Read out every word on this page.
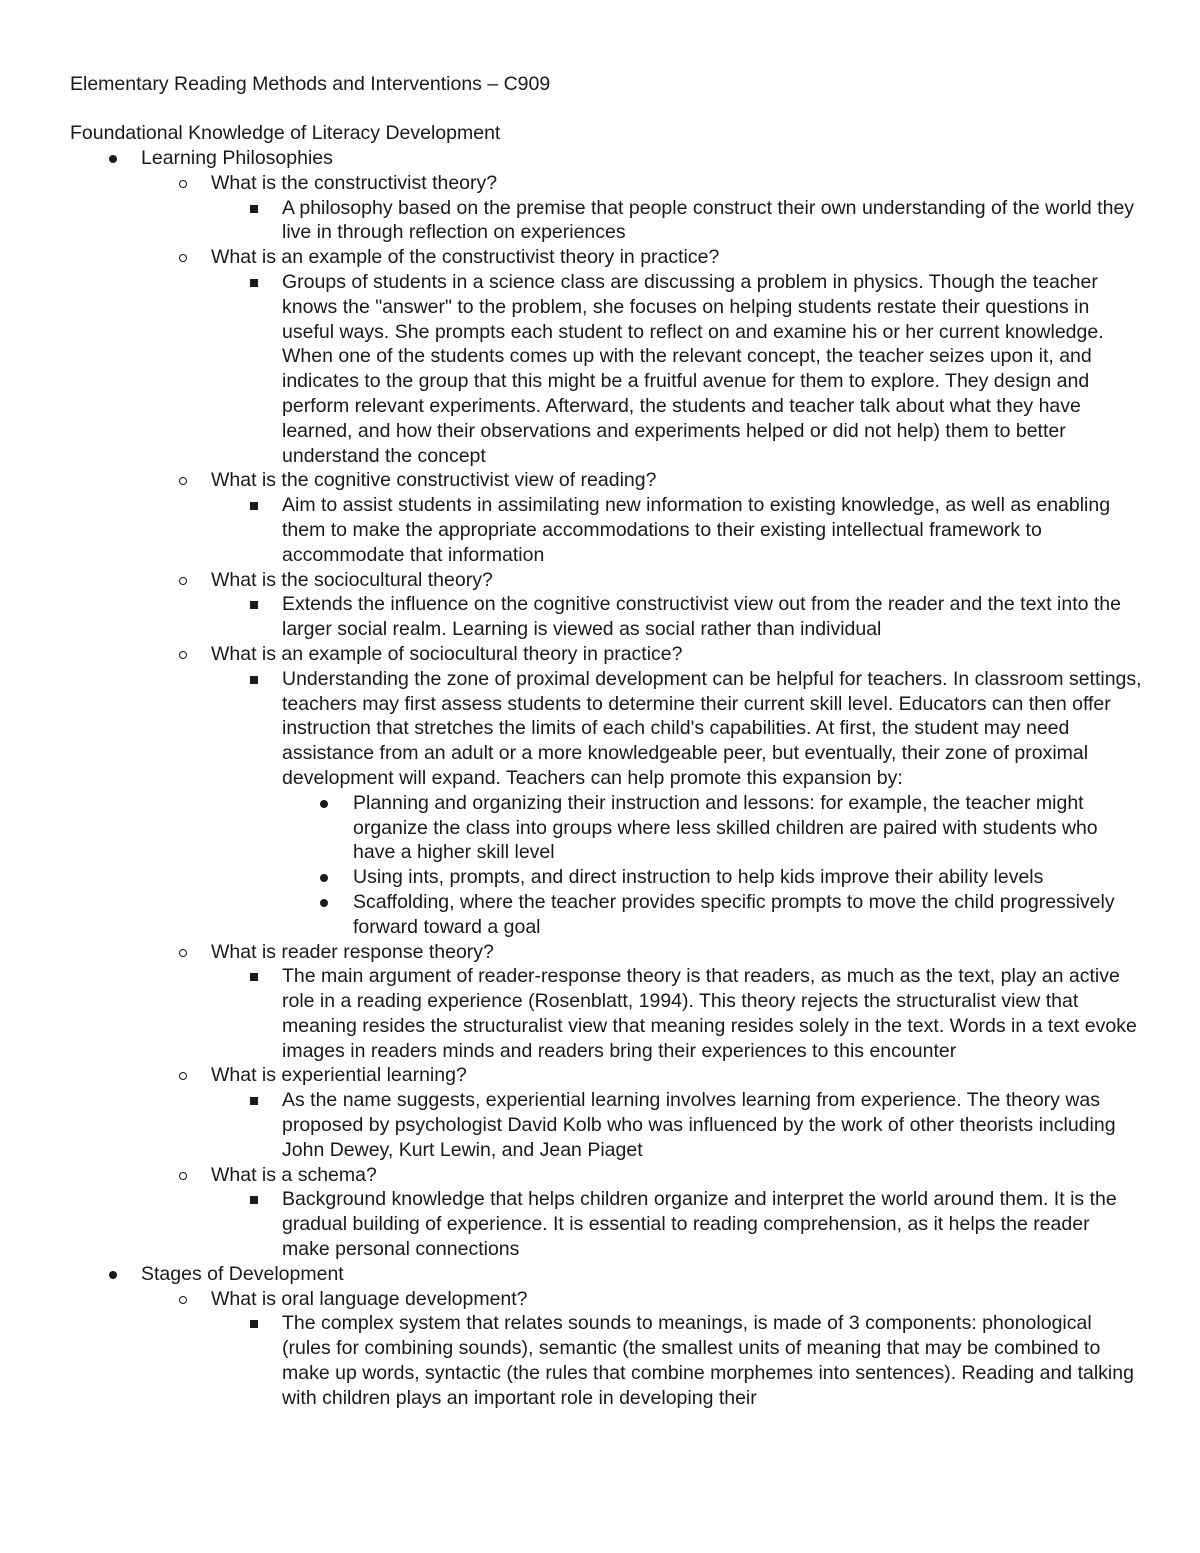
Elementary Reading Methods and Interventions – C909
Foundational Knowledge of Literacy Development
Learning Philosophies
What is the constructivist theory?
A philosophy based on the premise that people construct their own understanding of the world they live in through reflection on experiences
What is an example of the constructivist theory in practice?
Groups of students in a science class are discussing a problem in physics. Though the teacher knows the "answer" to the problem, she focuses on helping students restate their questions in useful ways. She prompts each student to reflect on and examine his or her current knowledge. When one of the students comes up with the relevant concept, the teacher seizes upon it, and indicates to the group that this might be a fruitful avenue for them to explore. They design and perform relevant experiments. Afterward, the students and teacher talk about what they have learned, and how their observations and experiments helped or did not help) them to better understand the concept
What is the cognitive constructivist view of reading?
Aim to assist students in assimilating new information to existing knowledge, as well as enabling them to make the appropriate accommodations to their existing intellectual framework to accommodate that information
What is the sociocultural theory?
Extends the influence on the cognitive constructivist view out from the reader and the text into the larger social realm. Learning is viewed as social rather than individual
What is an example of sociocultural theory in practice?
Understanding the zone of proximal development can be helpful for teachers. In classroom settings, teachers may first assess students to determine their current skill level. Educators can then offer instruction that stretches the limits of each child's capabilities. At first, the student may need assistance from an adult or a more knowledgeable peer, but eventually, their zone of proximal development will expand. Teachers can help promote this expansion by:
Planning and organizing their instruction and lessons: for example, the teacher might organize the class into groups where less skilled children are paired with students who have a higher skill level
Using ints, prompts, and direct instruction to help kids improve their ability levels
Scaffolding, where the teacher provides specific prompts to move the child progressively forward toward a goal
What is reader response theory?
The main argument of reader-response theory is that readers, as much as the text, play an active role in a reading experience (Rosenblatt, 1994). This theory rejects the structuralist view that meaning resides the structuralist view that meaning resides solely in the text. Words in a text evoke images in readers minds and readers bring their experiences to this encounter
What is experiential learning?
As the name suggests, experiential learning involves learning from experience. The theory was proposed by psychologist David Kolb who was influenced by the work of other theorists including John Dewey, Kurt Lewin, and Jean Piaget
What is a schema?
Background knowledge that helps children organize and interpret the world around them. It is the gradual building of experience. It is essential to reading comprehension, as it helps the reader make personal connections
Stages of Development
What is oral language development?
The complex system that relates sounds to meanings, is made of 3 components: phonological (rules for combining sounds), semantic (the smallest units of meaning that may be combined to make up words, syntactic (the rules that combine morphemes into sentences). Reading and talking with children plays an important role in developing their
